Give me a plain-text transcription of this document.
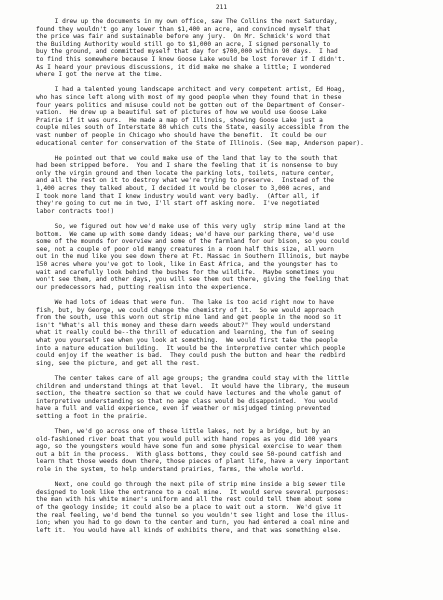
211
I drew up the documents in my own office, saw The Collins the next Saturday,
found they wouldn't go any lower than $1,400 an acre, and convinced myself that
the price was fair and sustainable before any jury.  On Mr. Schmick's word that
the Building Authority would still go to $1,000 an acre, I signed personally to
buy the ground, and committed myself that day for $700,000 within 90 days.  I had
to find this somewhere because I knew Goose Lake would be lost forever if I didn't.
As I heard your previous discussions, it did make me shake a little; I wondered
where I got the nerve at the time.
I had a talented young landscape architect and very competent artist, Ed Hoag,
who has since left along with most of my good people when they found that in these
four years politics and misuse could not be gotten out of the Department of Conser-
vation.  He drew up a beautiful set of pictures of how we would use Goose Lake
Prairie if it was ours.  He made a map of Illinois, showing Goose Lake just a
couple miles south of Interstate 80 which cuts the State, easily accessible from the
vast number of people in Chicago who should have the benefit.  It could be our
educational center for conservation of the State of Illinois. (See map, Anderson paper).
He pointed out that we could make use of the land that lay to the south that
had been stripped before.  You and I share the feeling that it is nonsense to buy
only the virgin ground and then locate the parking lots, toilets, nature center,
and all the rest on it to destroy what we're trying to preserve.  Instead of the
1,400 acres they talked about, I decided it would be closer to 3,000 acres, and
I took more land that I knew industry would want very badly.  (After all, if
they're going to cut me in two, I'll start off asking more.  I've negotiated
labor contracts too!)
So, we figured out how we'd make use of this very ugly  strip mine land at the
bottom.  We came up with some dandy ideas; we'd have our parking there, we'd use
some of the mounds for overview and some of the farmland for our bison, so you could
see, not a couple of poor old mangy creatures in a room half this size, all worn
out in the mud like you see down there at Ft. Massac in Southern Illinois, but maybe
150 acres where you've got to look, like in East Africa, and the youngster has to
wait and carefully look behind the bushes for the wildlife.  Maybe sometimes you
won't see them, and other days, you will see them out there, giving the feeling that
our predecessors had, putting realism into the experience.
We had lots of ideas that were fun.  The lake is too acid right now to have
fish, but, by George, we could change the chemistry of it.  So we would approach
from the south, use this worn out strip mine land and get people in the mood so it
isn't "What's all this money and these darn weeds about?" They would understand
what it really could be--the thrill of education and learning, the fun of seeing
what you yourself see when you look at something.  We would first take the people
into a nature education building.  It would be the interpretive center which people
could enjoy if the weather is bad.  They could push the button and hear the redbird
sing, see the picture, and get all the rest.
The center takes care of all age groups; the grandma could stay with the little
children and understand things at that level.  It would have the library, the museum
section, the theatre section so that we could have lectures and the whole gamut of
interpretive understanding so that no age class would be disappointed.  You would
have a full and valid experience, even if weather or misjudged timing prevented
setting a foot in the prairie.
Then, we'd go across one of these little lakes, not by a bridge, but by an
old-fashioned river boat that you would pull with hand ropes as you did 100 years
ago, so the youngsters would have some fun and some physical exercise to wear them
out a bit in the process.  With glass bottoms, they could see 50-pound catfish and
learn that those weeds down there, those pieces of plant life, have a very important
role in the system, to help understand prairies, farms, the whole world.
Next, one could go through the next pile of strip mine inside a big sewer tile
designed to look like the entrance to a coal mine.  It would serve several purposes:
the man with his white miner's uniform and all the rest could tell them about some
of the geology inside; it could also be a place to wait out a storm.  We'd give it
the real feeling, we'd bend the tunnel so you wouldn't see light and lose the illus-
ion; when you had to go down to the center and turn, you had entered a coal mine and
left it.  You would have all kinds of exhibits there, and that was something else.
